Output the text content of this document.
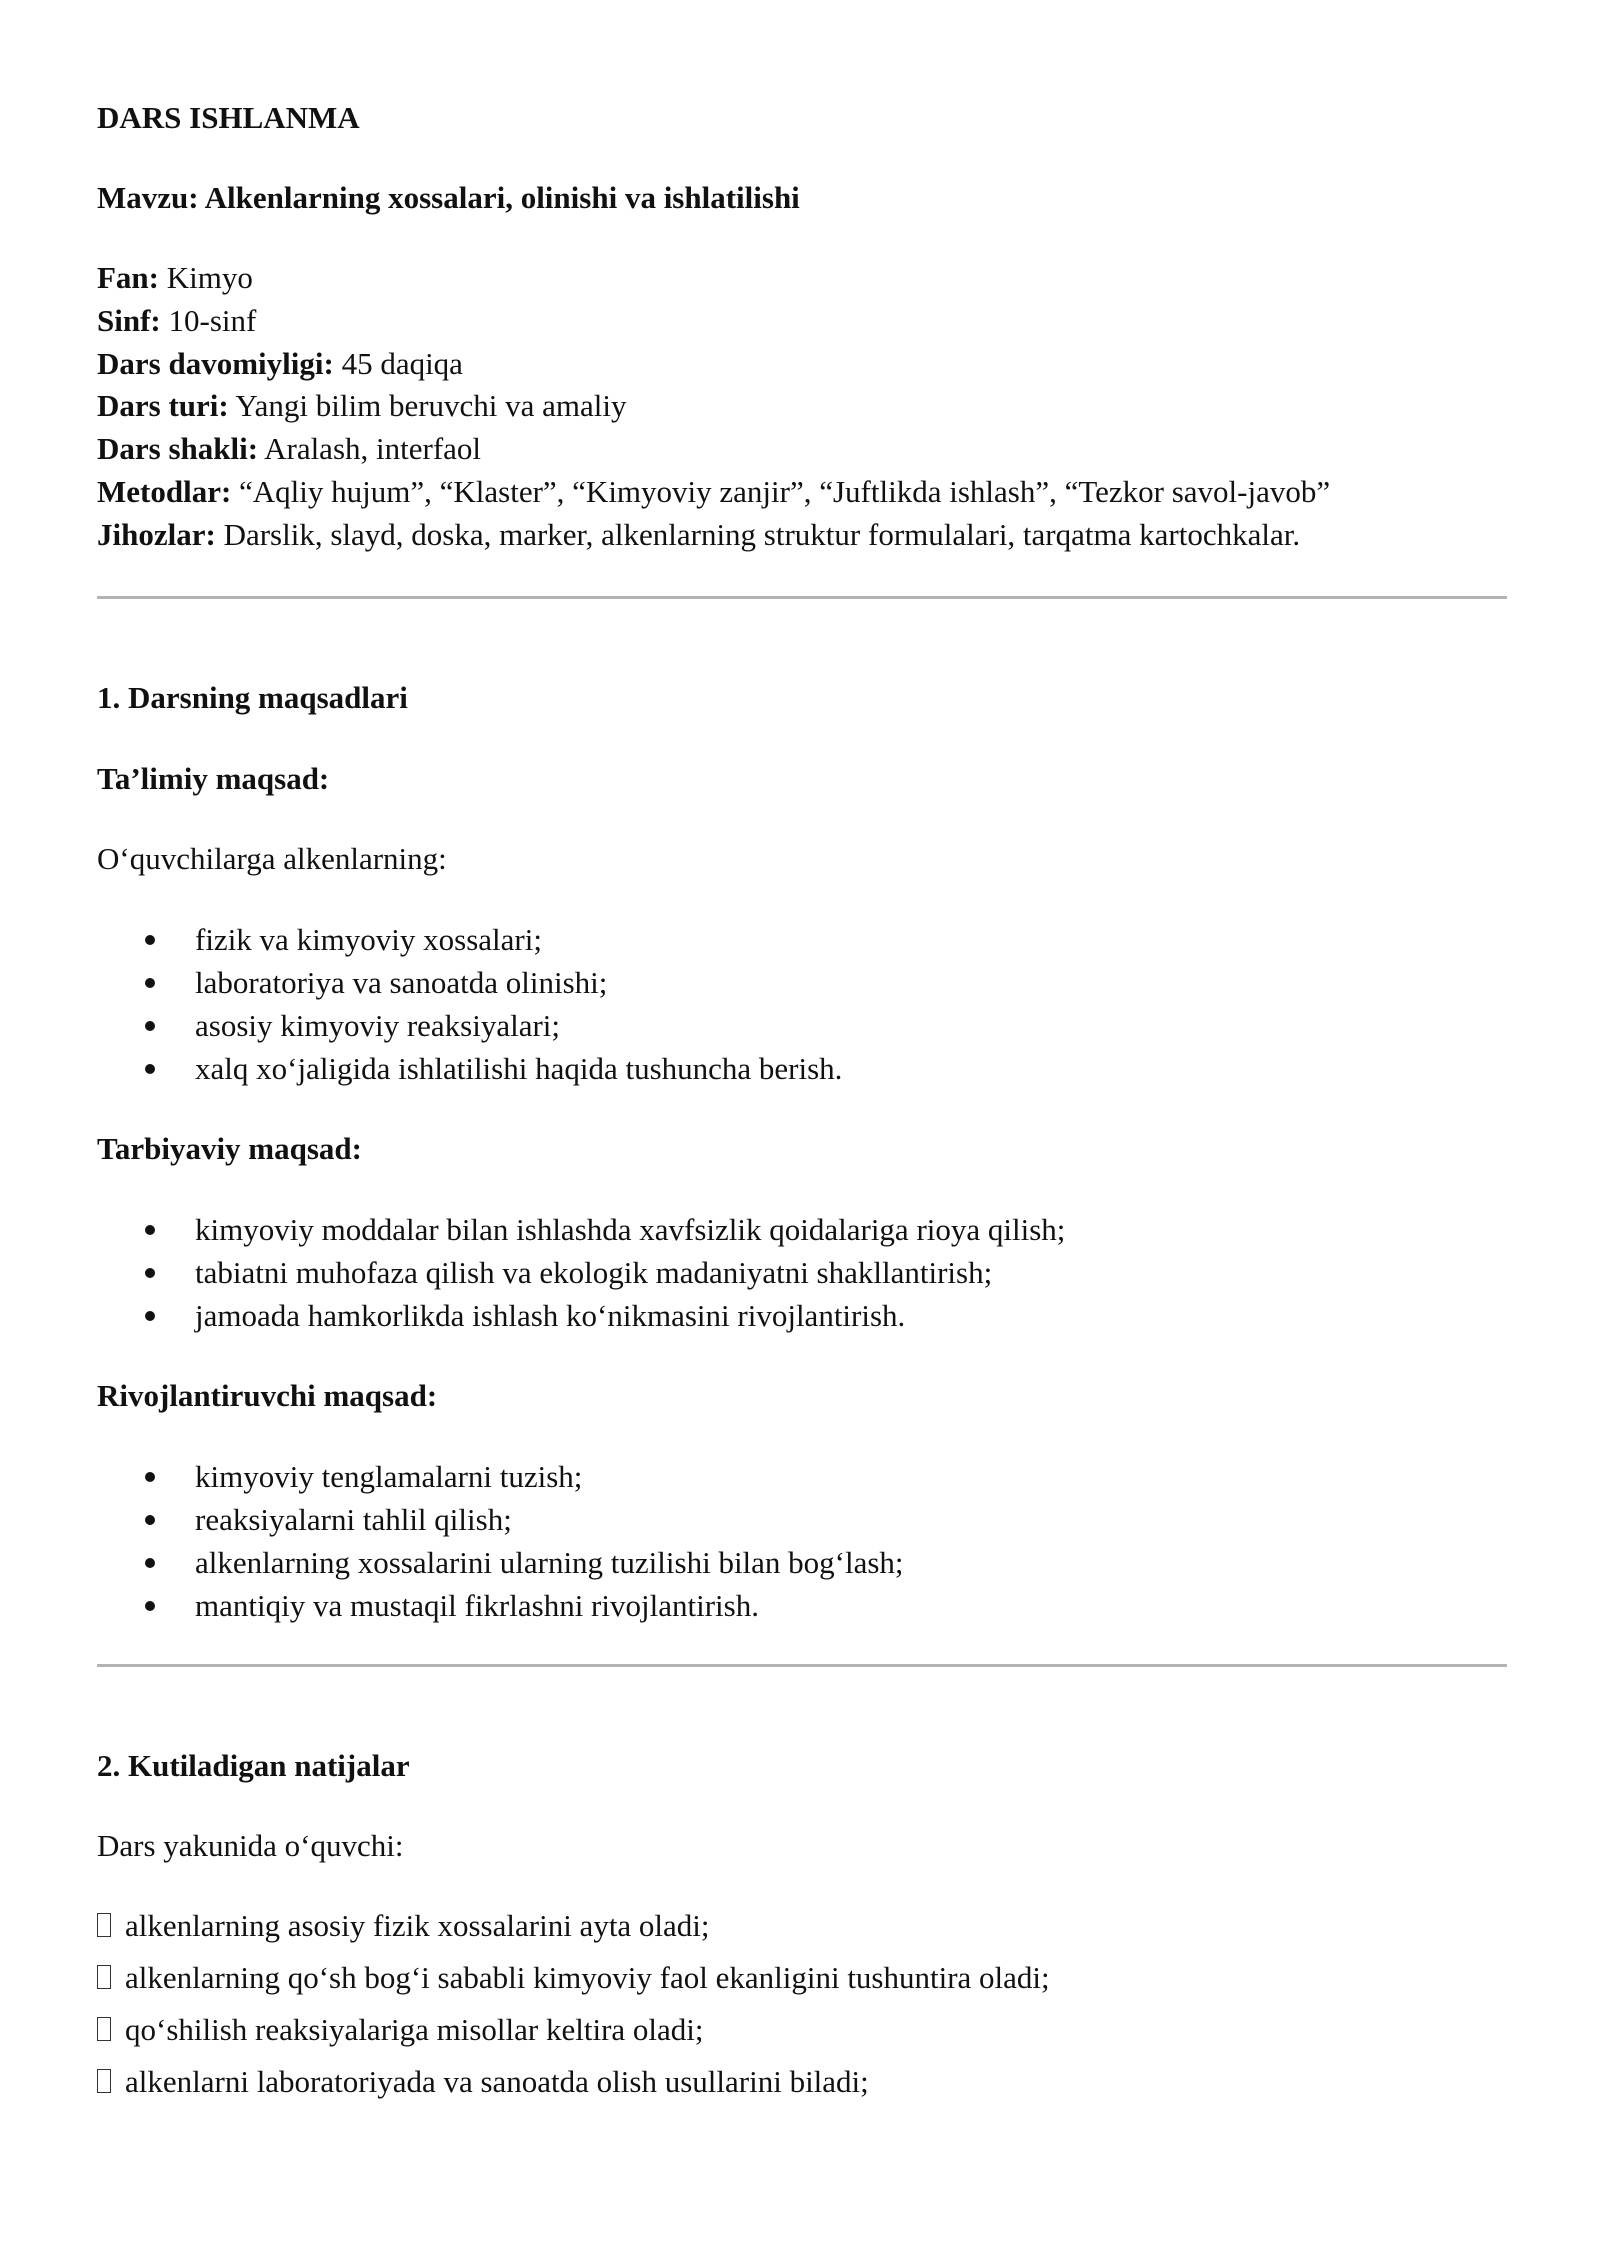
DARS ISHLANMA
Mavzu: Alkenlarning xossalari, olinishi va ishlatilishi
Fan: Kimyo
Sinf: 10-sinf
Dars davomiyligi: 45 daqiqa
Dars turi: Yangi bilim beruvchi va amaliy
Dars shakli: Aralash, interfaol
Metodlar: “Aqliy hujum”, “Klaster”, “Kimyoviy zanjir”, “Juftlikda ishlash”, “Tezkor savol-javob”
Jihozlar: Darslik, slayd, doska, marker, alkenlarning struktur formulalari, tarqatma kartochkalar.
1. Darsning maqsadlari
Ta’limiy maqsad:
O‘quvchilarga alkenlarning:
fizik va kimyoviy xossalari;
laboratoriya va sanoatda olinishi;
asosiy kimyoviy reaksiyalari;
xalq xo‘jaligida ishlatilishi haqida tushuncha berish.
Tarbiyaviy maqsad:
kimyoviy moddalar bilan ishlashda xavfsizlik qoidalariga rioya qilish;
tabiatni muhofaza qilish va ekologik madaniyatni shakllantirish;
jamoada hamkorlikda ishlash ko‘nikmasini rivojlantirish.
Rivojlantiruvchi maqsad:
kimyoviy tenglamalarni tuzish;
reaksiyalarni tahlil qilish;
alkenlarning xossalarini ularning tuzilishi bilan bog‘lash;
mantiqiy va mustaqil fikrlashni rivojlantirish.
2. Kutiladigan natijalar
Dars yakunida o‘quvchi:
alkenlarning asosiy fizik xossalarini ayta oladi;
alkenlarning qo‘sh bog‘i sababli kimyoviy faol ekanligini tushuntira oladi;
qo‘shilish reaksiyalariga misollar keltira oladi;
alkenlarni laboratoriyada va sanoatda olish usullarini biladi;
